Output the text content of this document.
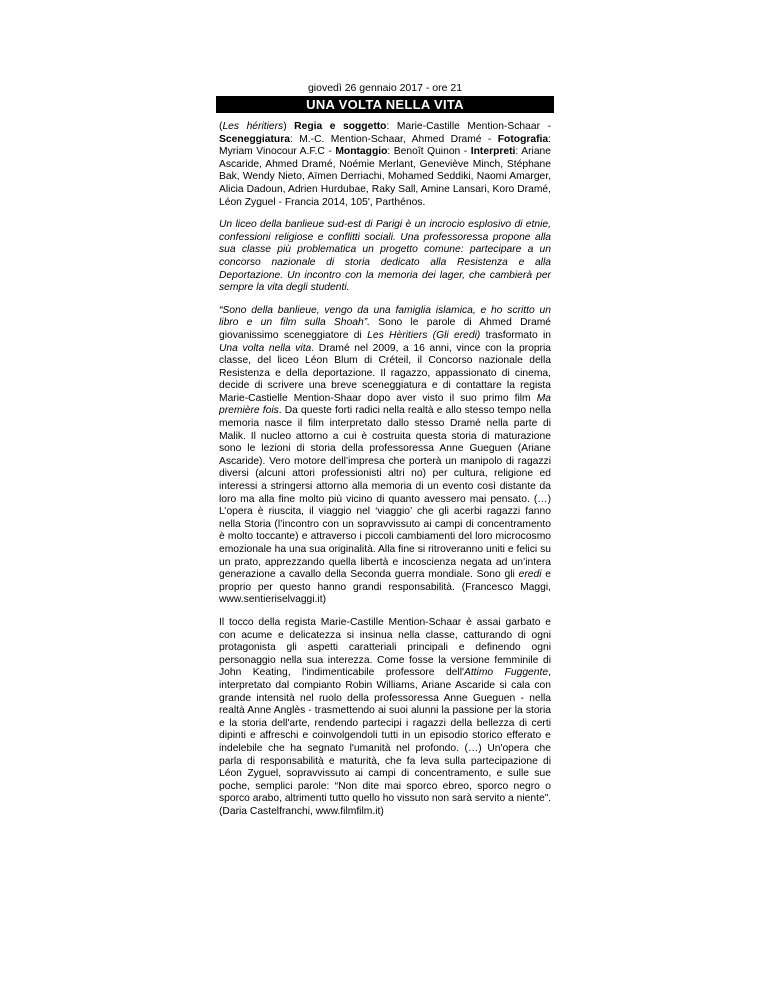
giovedì 26 gennaio 2017 - ore 21
UNA VOLTA NELLA VITA

(Les héritiers) Regia e soggetto: Marie-Castille Mention-Schaar - Sceneggiatura: M.-C. Mention-Schaar, Ahmed Dramé - Fotografia: Myriam Vinocour A.F.C - Montaggio: Benoît Quinon - Interpreti: Ariane Ascaride, Ahmed Dramé, Noémie Merlant, Geneviève Minch, Stéphane Bak, Wendy Nieto, Aïmen Derriachi, Mohamed Seddiki, Naomi Amarger, Alicia Dadoun, Adrien Hurdubae, Raky Sall, Amine Lansari, Koro Dramé, Léon Zyguel - Francia 2014, 105', Parthénos.

Un liceo della banlieue sud-est di Parigi è un incrocio esplosivo di etnie, confessioni religiose e conflitti sociali. Una professoressa propone alla sua classe più problematica un progetto comune: partecipare a un concorso nazionale di storia dedicato alla Resistenza e alla Deportazione. Un incontro con la memoria dei lager, che cambierà per sempre la vita degli studenti.

“Sono della banlieue, vengo da una famiglia islamica, e ho scritto un libro e un film sulla Shoah”. Sono le parole di Ahmed Dramé giovanissimo sceneggiatore di Les Hèritiers (Gli eredi) trasformato in Una volta nella vita. Dramé nel 2009, a 16 anni, vince con la propria classe, del liceo Léon Blum di Créteil, il Concorso nazionale della Resistenza e della deportazione. Il ragazzo, appassionato di cinema, decide di scrivere una breve sceneggiatura e di contattare la regista Marie-Castielle Mention-Shaar dopo aver visto il suo primo film Ma première fois. Da queste forti radici nella realtà e allo stesso tempo nella memoria nasce il film interpretato dallo stesso Dramé nella parte di Malik. Il nucleo attorno a cui è costruita questa storia di maturazione sono le lezioni di storia della professoressa Anne Gueguen (Ariane Ascaride). Vero motore dell’impresa che porterà un manipolo di ragazzi diversi (alcuni attori professionisti altri no) per cultura, religione ed interessi a stringersi attorno alla memoria di un evento così distante da loro ma alla fine molto più vicino di quanto avessero mai pensato. (…) L’opera è riuscita, il viaggio nel ‘viaggio’ che gli acerbi ragazzi fanno nella Storia (l’incontro con un sopravvissuto ai campi di concentramento è molto toccante) e attraverso i piccoli cambiamenti del loro microcosmo emozionale ha una sua originalità. Alla fine si ritroveranno uniti e felici su un prato, apprezzando quella libertà e incoscienza negata ad un’intera generazione a cavallo della Seconda guerra mondiale. Sono gli eredi e proprio per questo hanno grandi responsabilità. (Francesco Maggi, www.sentieriselvaggi.it)

Il tocco della regista Marie-Castille Mention-Schaar è assai garbato e con acume e delicatezza si insinua nella classe, catturando di ogni protagonista gli aspetti caratteriali principali e definendo ogni personaggio nella sua interezza. Come fosse la versione femminile di John Keating, l'indimenticabile professore dell'Attimo Fuggente, interpretato dal compianto Robin Williams, Ariane Ascaride si cala con grande intensità nel ruolo della professoressa Anne Gueguen - nella realtà Anne Anglès - trasmettendo ai suoi alunni la passione per la storia e la storia dell'arte, rendendo partecipi i ragazzi della bellezza di certi dipinti e affreschi e coinvolgendoli tutti in un episodio storico efferato e indelebile che ha segnato l'umanità nel profondo. (…) Un'opera che parla di responsabilità e maturità, che fa leva sulla partecipazione di Léon Zyguel, sopravvissuto ai campi di concentramento, e sulle sue poche, semplici parole: “Non dite mai sporco ebreo, sporco negro o sporco arabo, altrimenti tutto quello ho vissuto non sarà servito a niente”. (Daria Castelfranchi, www.filmfilm.it)
